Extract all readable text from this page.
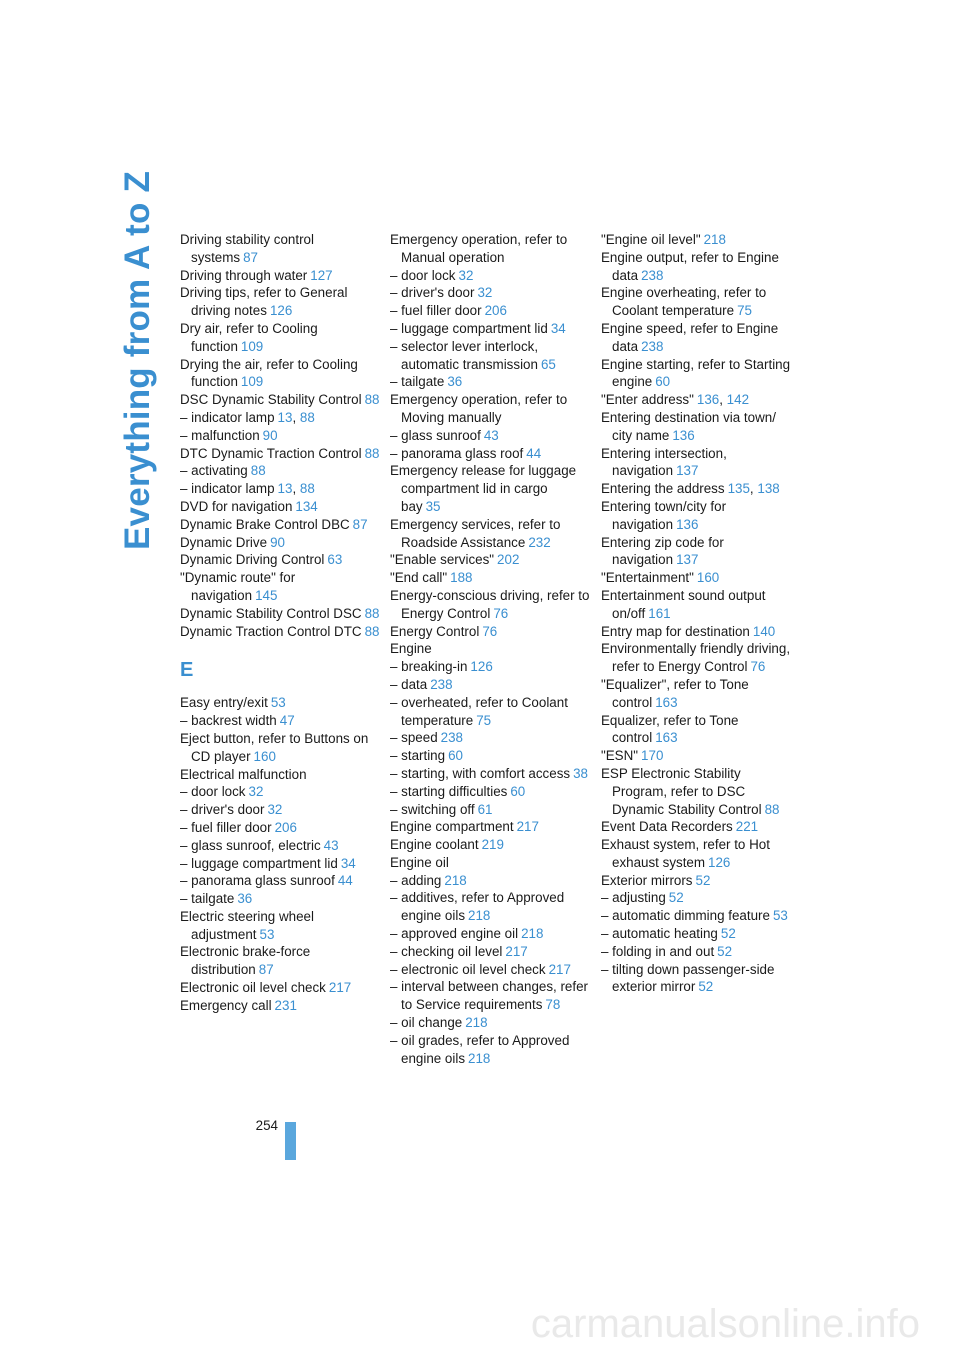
Everything from A to Z Driving stability control systems 87
Driving through water 127
Driving tips, refer to General driving notes 126
Dry air, refer to Cooling function 109
Drying the air, refer to Cooling function 109
DSC Dynamic Stability Control 88
– indicator lamp 13, 88
– malfunction 90
DTC Dynamic Traction Control 88
– activating 88
– indicator lamp 13, 88
DVD for navigation 134
Dynamic Brake Control DBC 87
Dynamic Drive 90
Dynamic Driving Control 63
"Dynamic route" for navigation 145
Dynamic Stability Control DSC 88
Dynamic Traction Control DTC 88
E
Easy entry/exit 53
– backrest width 47
Eject button, refer to Buttons on CD player 160
Electrical malfunction
– door lock 32
– driver's door 32
– fuel filler door 206
– glass sunroof, electric 43
– luggage compartment lid 34
– panorama glass sunroof 44
– tailgate 36
Electric steering wheel adjustment 53
Electronic brake-force distribution 87
Electronic oil level check 217
Emergency call 231
Emergency operation, refer to Manual operation
– door lock 32
– driver's door 32
– fuel filler door 206
– luggage compartment lid 34
– selector lever interlock, automatic transmission 65
– tailgate 36
Emergency operation, refer to Moving manually
– glass sunroof 43
– panorama glass roof 44
Emergency release for luggage compartment lid in cargo bay 35
Emergency services, refer to Roadside Assistance 232
"Enable services" 202
"End call" 188
Energy-conscious driving, refer to Energy Control 76
Energy Control 76
Engine
– breaking-in 126
– data 238
– overheated, refer to Coolant temperature 75
– speed 238
– starting 60
– starting, with comfort access 38
– starting difficulties 60
– switching off 61
Engine compartment 217
Engine coolant 219
Engine oil
– adding 218
– additives, refer to Approved engine oils 218
– approved engine oil 218
– checking oil level 217
– electronic oil level check 217
– interval between changes, refer to Service requirements 78
– oil change 218
– oil grades, refer to Approved engine oils 218
"Engine oil level" 218
Engine output, refer to Engine data 238
Engine overheating, refer to Coolant temperature 75
Engine speed, refer to Engine data 238
Engine starting, refer to Starting engine 60
"Enter address" 136, 142
Entering destination via town/ city name 136
Entering intersection, navigation 137
Entering the address 135, 138
Entering town/city for navigation 136
Entering zip code for navigation 137
"Entertainment" 160
Entertainment sound output on/off 161
Entry map for destination 140
Environmentally friendly driving, refer to Energy Control 76
"Equalizer", refer to Tone control 163
Equalizer, refer to Tone control 163
"ESN" 170
ESP Electronic Stability Program, refer to DSC Dynamic Stability Control 88
Event Data Recorders 221
Exhaust system, refer to Hot exhaust system 126
Exterior mirrors 52
– adjusting 52
– automatic dimming feature 53
– automatic heating 52
– folding in and out 52
– tilting down passenger-side exterior mirror 52
254
carmanualsonline.info
